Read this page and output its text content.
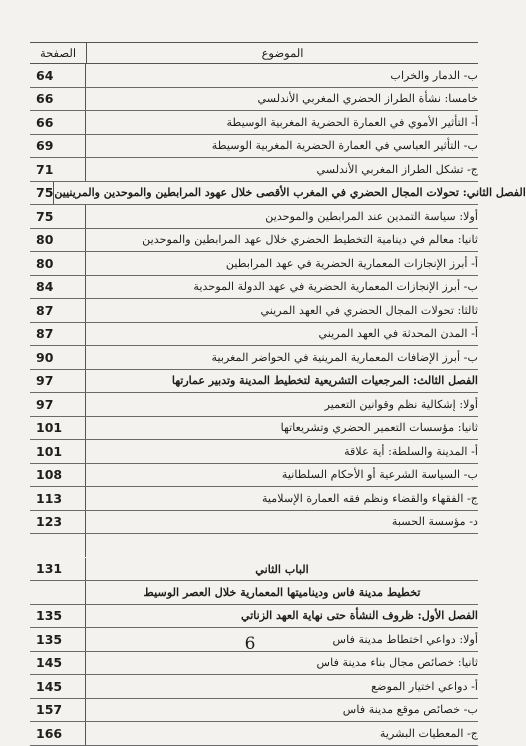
الصفحة	الموضوع
64	ب- الدمار والخراب
66	خامسا: نشأة الطراز الحضري المغربي الأندلسي
66	أ- التأثير الأموي في العمارة الحضرية المغربية الوسيطة
69	ب- التأثير العباسي في العمارة الحضرية المغربية الوسيطة
71	ج- تشكل الطراز المغربي الأندلسي
75 الفصل الثاني: تحولات المجال الحضري في المغرب الأقصى خلال عهود المرابطين والموحدين والمرينيين
75	أولا: سياسة التمدين عند المرابطين والموحدين
80	ثانيا: معالم في دينامية التخطيط الحضري خلال عهد المرابطين والموحدين
80	أ- أبرز الإنجازات المعمارية الحضرية في عهد المرابطين
84	ب- أبرز الإنجازات المعمارية الحضرية في عهد الدولة الموحدية
87	ثالثا: تحولات المجال الحضري في العهد المريني
87	أ- المدن المحدثة في العهد المريني
90	ب- أبرز الإضافات المعمارية المرينية في الحواضر المغربية
97	الفصل الثالث: المرجعيات التشريعية لتخطيط المدينة وتدبير عمارتها
97	أولا: إشكالية نظم وقوانين التعمير
101	ثانيا: مؤسسات التعمير الحضري وتشريعاتها
101	أ- المدينة والسلطة: أية علاقة
108	ب- السياسة الشرعية أو الأحكام السلطانية
113	ج- الفقهاء والقضاء ونظم فقه العمارة الإسلامية
123	د- مؤسسة الحسبة
131	الباب الثاني
تخطيط مدينة فاس وديناميتها المعمارية خلال العصر الوسيط
135	الفصل الأول: ظروف النشأة حتى نهاية العهد الزناتي
135	أولا: دواعي اختطاط مدينة فاس
145	ثانيا: خصائص مجال بناء مدينة فاس
145	أ- دواعي اختيار الموضع
157	ب- خصائص موقع مدينة فاس
166	ج- المعطيات البشرية
6
